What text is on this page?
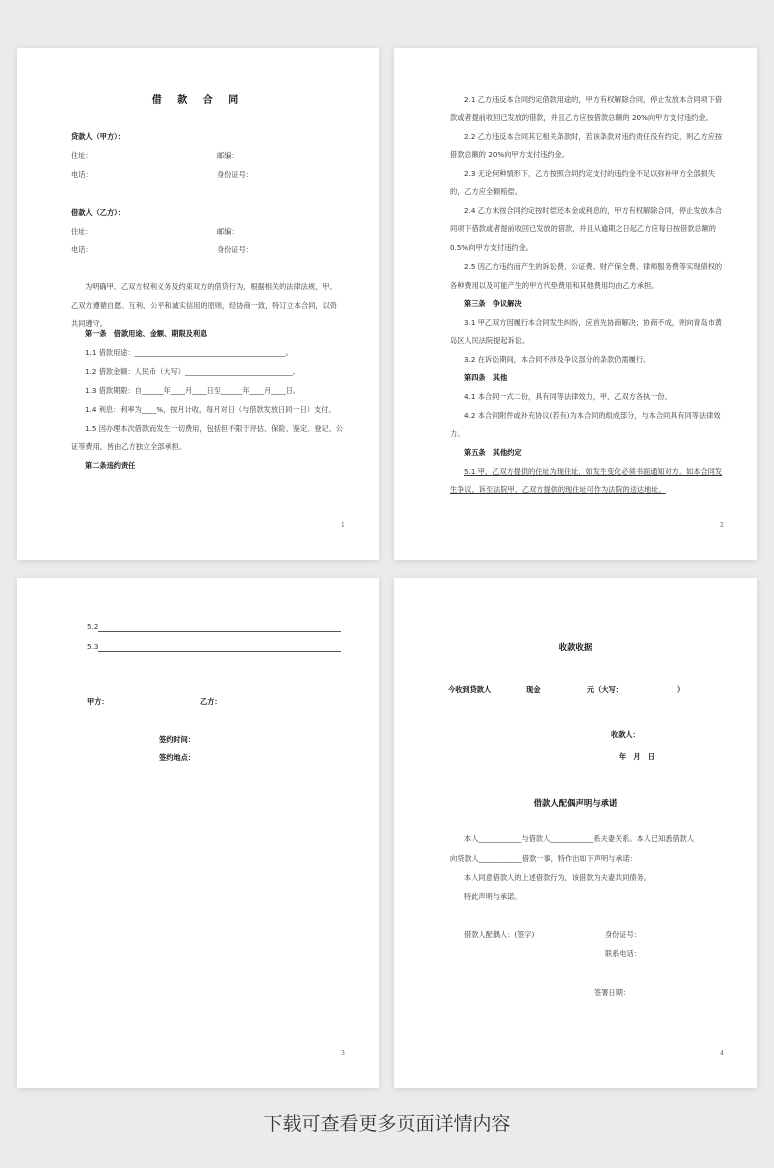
借 款 合 同
贷款人（甲方）：
住址：	邮编：
电话：	身份证号：
借款人（乙方）：
住址：	邮编：
电话：	身份证号：
为明确甲、乙双方权利义务及约束双方的借贷行为，根据相关的法律法规，甲、
乙双方遵循自愿、互利、公平和诚实信用的原则，经协商一致，特订立本合同，以资
共同遵守。
第一条　借款用途、金额、期限及利息
1.1 借款用途：__________________________________________。
1.2 借款金额：人民币（大写）______________________________。
1.3 借款期限：自______年____月____日至______年____月____日。
1.4 利息：利率为____%，按月计收，每月对日（与借款发放日同一日）支付。
1.5 因办理本次借款而发生一切费用，包括但不限于评估、保险、鉴定、登记、公
证等费用，皆由乙方独立全部承担。
第二条违约责任
1
2.1 乙方违反本合同约定借款用途的，甲方有权解除合同，停止发放本合同项下借
款或者提前收回已发放的借款，并且乙方应按借款总额的 20%向甲方支付违约金。
2.2 乙方违反本合同其它相关条款时，若该条款对违约责任没有约定，则乙方应按
借款总额的 20%向甲方支付违约金。
2.3 无论何种情形下，乙方按照合同约定支付的违约金不足以弥补甲方全部损失
的，乙方应全额赔偿。
2.4 乙方未按合同约定按时偿还本金或利息的，甲方有权解除合同，停止发放本合
同项下借款或者提前收回已发放的借款，并且从逾期之日起乙方应每日按借款总额的
0.5%向甲方支付违约金。
2.5 因乙方违约而产生的诉讼费、公证费、财产保全费、律师服务费等实现债权的
各种费用以及可能产生的甲方代垫费用和其他费用均由乙方承担。
第三条　争议解决
3.1 甲乙双方因履行本合同发生纠纷，应首先协商解决；协商不成，则向青岛市黄
岛区人民法院提起诉讼。
3.2 在诉讼期间，本合同不涉及争议部分的条款仍需履行。
第四条　其他
4.1 本合同一式二份，具有同等法律效力，甲、乙双方各执一份。
4.2 本合同附件或补充协议(若有)为本合同的组成部分，与本合同具有同等法律效
力。
第五条　其他约定
5.1 甲、乙双方提供的住址为现住址，如发生变化必须书面通知对方。如本合同发
生争议，诉至法院甲、乙双方提供的现住址可作为法院的送达地址。
2
5.2
5.3
甲方：	乙方：
签约时间：
签约地点：
3
收款收据
今收到贷款人	现金	元（大写：	）
收款人：
年　月　日
借款人配偶声明与承诺
本人____________与借款人____________系夫妻关系。本人已知悉借款人
向贷款人____________借款一事，特作出如下声明与承诺：
本人同意借款人的上述借款行为，该借款为夫妻共同债务。
特此声明与承诺。
借款人配偶人：(签字)	身份证号：
联系电话：
签署日期：
4
下载可查看更多页面详情内容
